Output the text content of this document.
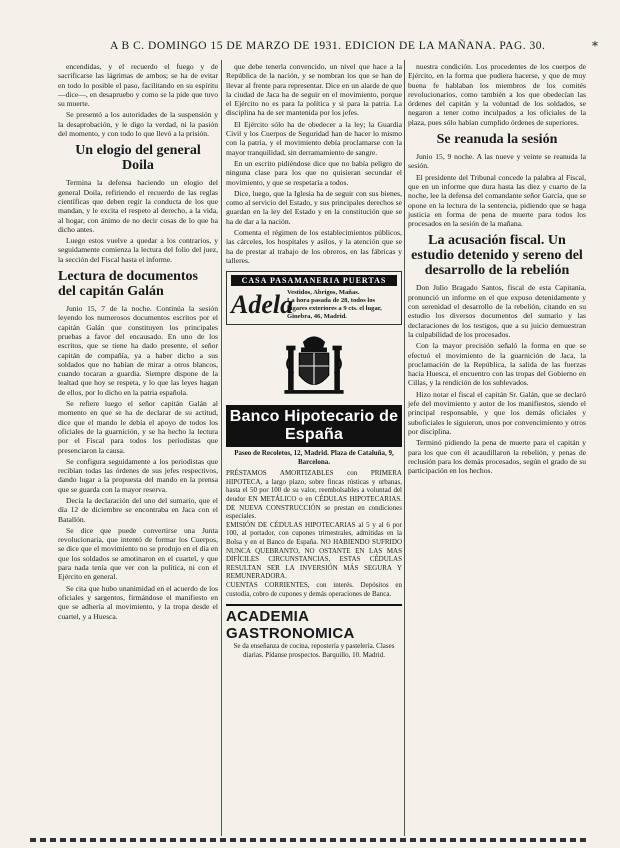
A B C. DOMINGO 15 DE MARZO DE 1931. EDICION DE LA MAÑANA. PAG. 30.	*

encendidas, y el recuerdo el fuego y de sacrificarse las lágrimas de ambos; se ha de evitar en todo lo posible el paso, facilitando en su espíritu—dice—, en desapruebo y como se la pide que tuvo su muerte.

Se presentó a los autoridades de la suspensión y la desaprobación, y le digo la verdad, ni la pasión del momento, y con todo lo que llevó a la prisión.

Un elogio del general Doila

Termina la defensa haciendo un elogio del general Doila, refiriendo el recuerdo de las reglas científicas que deben regir la conducta de los que mandan, y le excita el respeto al derecho, a la vida, al hogar, con ánimo de no decir cosas de lo que ha dicho antes.

Luego estos vuelve a quedar a los contrarios, y seguidamente comienza la lectura del folio del juez, la sección del Fiscal hasta el informe.

Lectura de documentos del capitán Galán

Junio 15, 7 de la noche. Continúa la sesión leyendo los numerosos documentos escritos por el capitán Galán que constituyen los principales pruebas a favor del encausado. En uno de los escritos, que se tiene ha dado presente, el señor capitán de compañía, ya a haber dicho a sus soldados que no habían de mirar a otros blancos, cuando tocaran a guardia. Siempre dispone de la lealtad que hoy se respeta, y lo que las leyes hagan de ellos, por lo dicho en la patria española.

Se refiere luego el señor capitán Galán al momento en que se ha de declarar de su actitud, dice que el mando le debía el apoyo de todos los oficiales de la guarnición, y se ha hecho la lectura por el Fiscal para todos los periodistas que presenciaron la causa.

Se configura seguidamente a los periodistas que recibían todas las órdenes de sus jefes respectivos, dando lugar a la propuesta del mando en la prensa que se guarda con la mayor reserva.

Decía la declaración del uno del sumario, que el día 12 de diciembre se encontraba en Jaca con el Batallón.

Se dice que puede convertirse una Junta revolucionaria, que intentó de formar los Cuerpos, se dice que el movimiento no se produjo en el día en que los soldados se amotinaron en el cuartel, y que para nada tenía que ver con la política, ni con el Ejército en general.

Se cita que hubo unanimidad en el acuerdo de los oficiales y sargentos, firmándose el manifiesto en que se adhería al movimiento, y la tropa desde el cuartel, y a Huesca.

que debe tenerla convencido, un nivel que hace a la República de la nación, y se nombran los que se han de llevar al frente para representar. Dice en un alarde de que la ciudad de Jaca ha de seguir en el movimiento, porque el Ejército no es para la política y si para la patria. La disciplina ha de ser mantenida por los jefes.

El Ejército sólo ha de obedecer a la ley; la Guardia Civil y los Cuerpos de Seguridad han de hacer lo mismo con la patria, y el movimiento debía proclamarse con la mayor tranquilidad, sin derramamiento de sangre.

En un escrito pidiéndose dice que no había peligro de ninguna clase para los que no quisieran secundar el movimiento, y que se respetaría a todos.

Dice, luego, que la Iglesia ha de seguir con sus bienes, como al servicio del Estado, y sus principales derechos se guardan en la ley del Estado y en la constitución que se ha de dar a la nación.

Comenta el régimen de los establecimientos públicos, las cárceles, los hospitales y asilos, y la atención que se ha de prestar al trabajo de los obreros, en las fábricas y talleres.

CASA PASAMANERIA PUERTAS
Adela
Vestidos, Abrigos, Mañas.
La hora pasada de 28, todos los lugares exteriores a 9 cts. el lugar, Ginebra, 46, Madrid.
Banco Hipotecario de España
Paseo de Recoletos, 12, Madrid. Plaza de Cataluña, 9, Barcelona.

PRÉSTAMOS AMORTIZABLES con PRIMERA HIPOTECA, a largo plazo, sobre fincas rústicas y urbanas, hasta el 50 por 100 de su valor, reembolsables a voluntad del deudor EN METÁLICO o en CÉDULAS HIPOTECARIAS. DE NUEVA CONSTRUCCIÓN se prestan en condiciones especiales.

EMISIÓN DE CÉDULAS HIPOTECARIAS al 5 y al 6 por 100, al portador, con cupones trimestrales, admitidas en la Bolsa y en el Banco de España. NO HABIENDO SUFRIDO NUNCA QUEBRANTO, NO OSTANTE EN LAS MAS DIFÍCILES CIRCUNSTANCIAS, ESTAS CÉDULAS RESULTAN SER LA INVERSIÓN MÁS SEGURA Y REMUNERADORA.

CUENTAS CORRIENTES, con interés. Depósitos en custodia, cobro de cupones y demás operaciones de Banca.

ACADEMIA GASTRONOMICA
Se da enseñanza de cocina, repostería y pastelería. Clases diarias. Pídanse prospectos. Barquillo, 10. Madrid.

nuestra condición. Los procedentes de los cuerpos de Ejército, en la forma que pudiera hacerse, y que de muy buena fe hablaban los miembros de los comités revolucionarios, como también a los que obedecían las órdenes del capitán y la voluntad de los soldados, se negaron a tener como inculpados a los oficiales de la plaza, pues sólo habían cumplido órdenes de superiores.

Se reanuda la sesión

Junio 15, 9 noche. A las nueve y veinte se reanuda la sesión.

El presidente del Tribunal concede la palabra al Fiscal, que en un informe que dura hasta las diez y cuarto de la noche, lee la defensa del comandante señor García, que se opone en la lectura de la sentencia, pidiendo que se haga justicia en forma de pena de muerte para todos los procesados en la sesión de la mañana.

La acusación fiscal. Un estudio detenido y sereno del desarrollo de la rebelión

Don Julio Bragado Santos, fiscal de esta Capitanía, pronunció un informe en el que expuso detenidamente y con serenidad el desarrollo de la rebelión, citando en su estudio los diversos documentos del sumario y las declaraciones de los testigos, que a su juicio demuestran la culpabilidad de los procesados.

Con la mayor precisión señaló la forma en que se efectuó el movimiento de la guarnición de Jaca, la proclamación de la República, la salida de las fuerzas hacia Huesca, el encuentro con las tropas del Gobierno en Cillas, y la rendición de los sublevados.

Hizo notar el fiscal el capitán Sr. Galán, que se declaró jefe del movimiento y autor de los manifiestos, siendo el principal responsable, y que los demás oficiales y suboficiales le siguieron, unos por convencimiento y otros por disciplina.

Terminó pidiendo la pena de muerte para el capitán y para los que con él acaudillaron la rebelión, y penas de reclusión para los demás procesados, según el grado de su participación en los hechos.
